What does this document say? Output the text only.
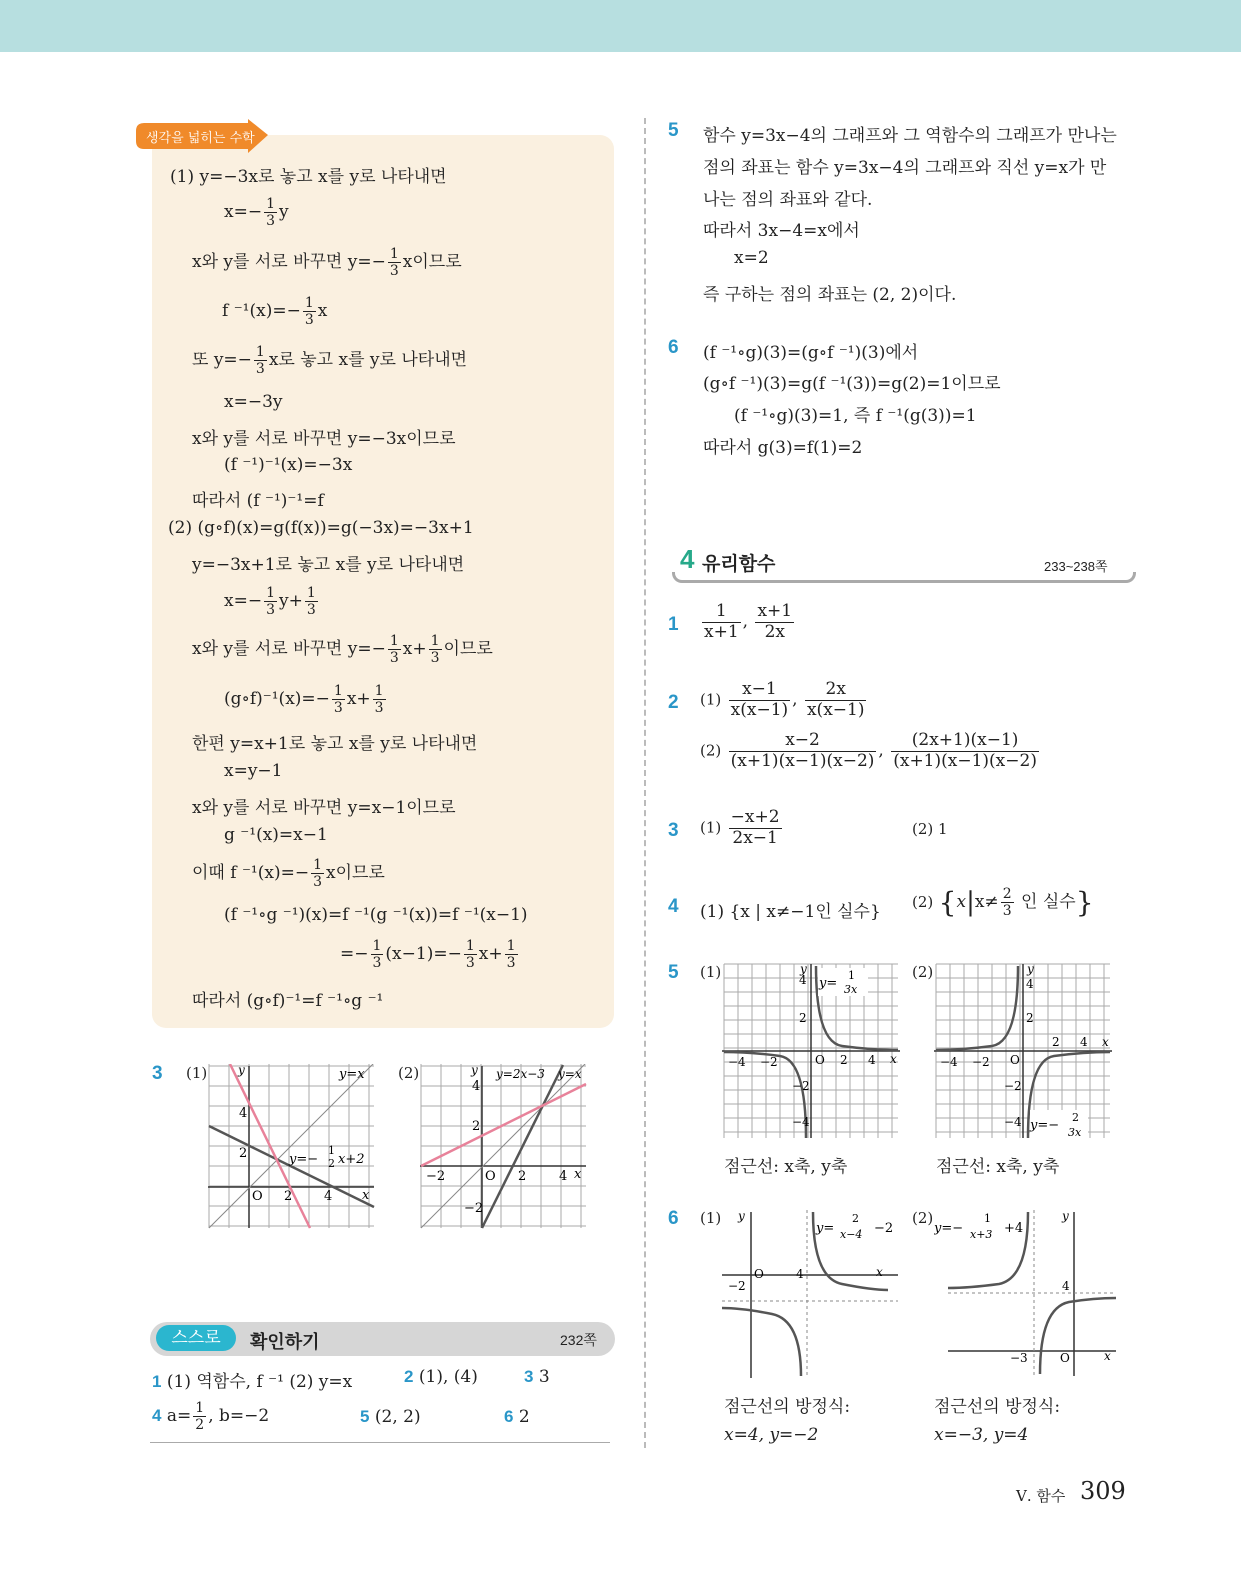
생각을 넓히는 수학
(1) y=−3x로 놓고 x를 y로 나타내면
$x=- \frac{1}{3}$ y
x와 y를 서로 바꾸면 $y=- \frac{1}{3}$ x이므로
f $^{-1}(x)=- \frac{1}{3}$ x
또 $y=- \frac{1}{3}$ x로 놓고 x를 y로 나타내면
x=−3y
x와 y를 서로 바꾸면 y=−3x이므로
(f ⁻¹)⁻¹(x)=−3x
따라서 (f ⁻¹)⁻¹=f
(2) (g∘f)(x)=g(f(x))=g(−3x)=−3x+1
y=−3x+1로 놓고 x를 y로 나타내면
$x=- \frac{1}{3} y+ \frac{1}{3}$
x와 y를 서로 바꾸면 $y=- \frac{1}{3} x+ \frac{1}{3}$ 이므로
(g∘f)⁻¹(x)=− $\frac{1}{3} x+ \frac{1}{3}$
한편 y=x+1로 놓고 x를 y로 나타내면
x=y−1
x와 y를 서로 바꾸면 y=x−1이므로
g ⁻¹(x)=x−1
이때 f $^{-1}(x)=- \frac{1}{3}$ x이므로
(f ⁻¹∘g ⁻¹)(x)=f ⁻¹(g ⁻¹(x))=f ⁻¹(x−1)
=− $\frac{1}{3} (x-1)=- \frac{1}{3} x+ \frac{1}{3}$
따라서 (g∘f)⁻¹=f ⁻¹∘g ⁻¹
3 (1)	(2)
y=x
y=−
1
2 x+2
x
y
O 2 4
2
4
y=2x−3 y=x
x
y
O 2	4
−2
2
4
−2
스스로	확인하기	232쪽
1 (1) 역함수, f ⁻¹ (2) y=x	2 (1), (4)	3 3
4 $a= \frac{1}{2}$ , b=−2	5 (2, 2)	6 2
5 함수 y=3x−4의 그래프와 그 역함수의 그래프가 만나는
점의 좌표는 함수 y=3x−4의 그래프와 직선 y=x가 만
나는 점의 좌표와 같다.
따라서 3x−4=x에서
x=2
즉 구하는 점의 좌표는 (2, 2)이다.
6 (f ⁻¹∘g)(3)=(g∘f ⁻¹)(3)에서
(g∘f ⁻¹)(3)=g(f ⁻¹(3))=g(2)=1이므로
(f ⁻¹∘g)(3)=1, 즉 f ⁻¹(g(3))=1
따라서 g(3)=f(1)=2
4 유리함수	233~238쪽
$1 \frac{1}{x+1}$ , $\frac{x+1}{2x}$
2 $(1) \frac{x-1}{x(x-1)}$ , $\frac{2x}{x(x-1)}$
$(2) \frac{x-2}{(x+1)(x-1)(x-2)}$ , $\frac{(2x+1)(x-1)}{(x+1)(x-1)(x-2)}$
3 $(1) \frac{-x+2}{2x-1}$	(2) 1
4 (1) {x | x≠−1인 실수} (2) {$x|x\ne \frac{2}{3}$ 인 실수}
5 (1)	(2)
y=
1
3x
x
y
O 2 4
−4 −2
4
2
−2
−4	y=−
2
3x
x
y
O
2 4
−4 −2
4
2
−2
−4
점근선: x축, y축	점근선: x축, y축
6 (1)	(2)
y=
2
x−4 −2
x
y
O	4
−2
y=−
1
x+3 +4
x
y
O
4
−3
점근선의 방정식:
x=4, y=−2
점근선의 방정식:
x=−3, y=4
Ⅴ. 함수 309
